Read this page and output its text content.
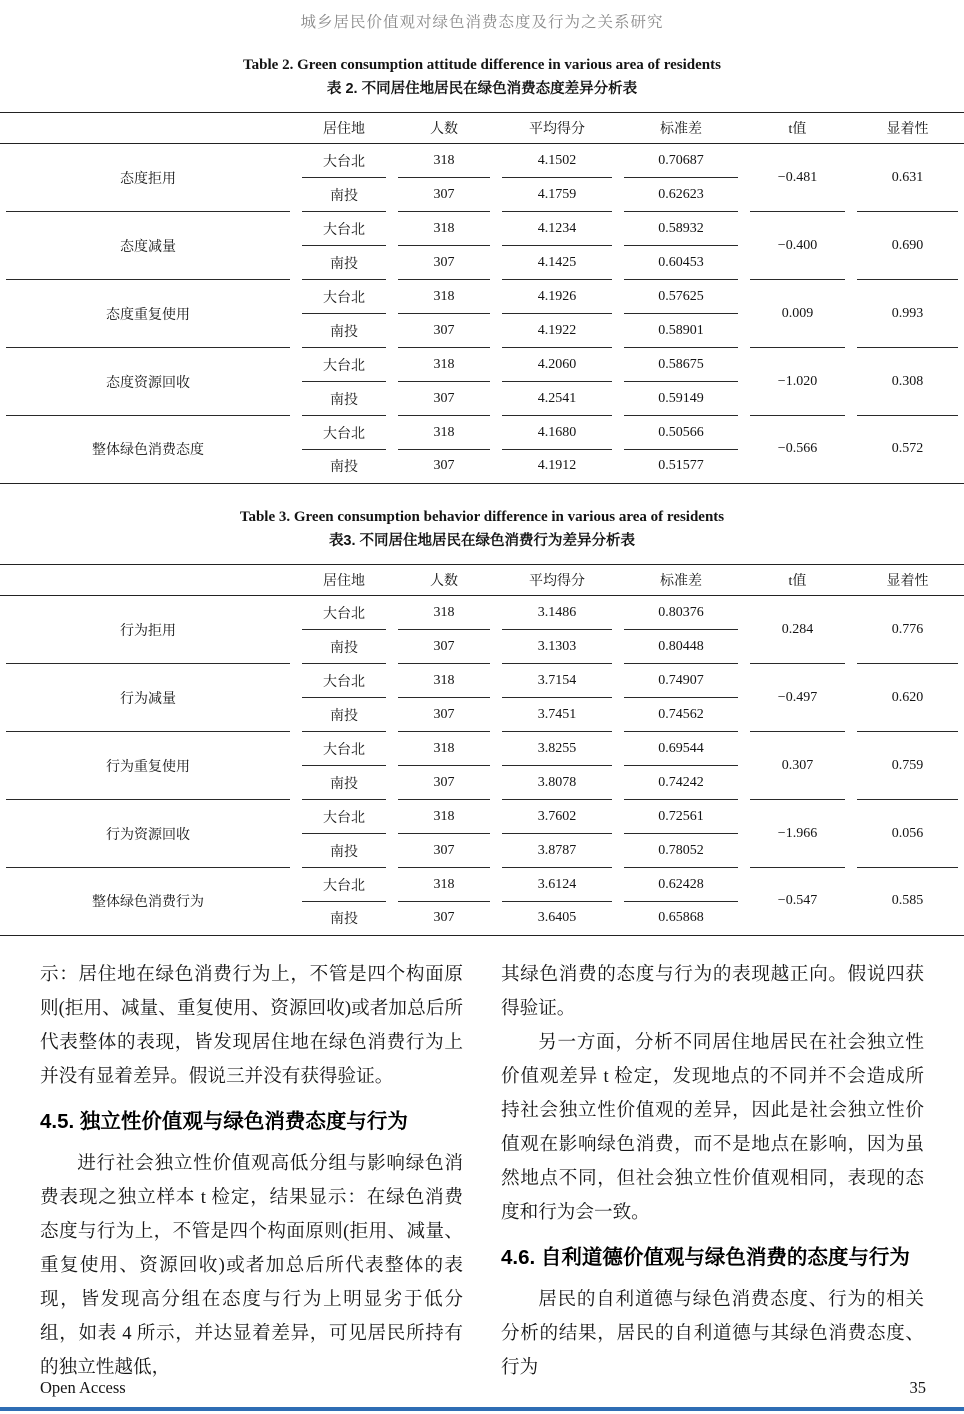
城乡居民价值观对绿色消费态度及行为之关系研究
Table 2. Green consumption attitude difference in various area of residents
表 2. 不同居住地居民在绿色消费态度差异分析表
	居住地	人数	平均得分	标准差	t值	显着性
态度拒用	大台北	318	4.1502	0.70687	−0.481	0.631
	南投	307	4.1759	0.62623		
态度减量	大台北	318	4.1234	0.58932	−0.400	0.690
	南投	307	4.1425	0.60453		
态度重复使用	大台北	318	4.1926	0.57625	0.009	0.993
	南投	307	4.1922	0.58901		
态度资源回收	大台北	318	4.2060	0.58675	−1.020	0.308
	南投	307	4.2541	0.59149		
整体绿色消费态度	大台北	318	4.1680	0.50566	−0.566	0.572
	南投	307	4.1912	0.51577		
Table 3. Green consumption behavior difference in various area of residents
表3. 不同居住地居民在绿色消费行为差异分析表
	居住地	人数	平均得分	标准差	t值	显着性
行为拒用	大台北	318	3.1486	0.80376	0.284	0.776
	南投	307	3.1303	0.80448		
行为减量	大台北	318	3.7154	0.74907	−0.497	0.620
	南投	307	3.7451	0.74562		
行为重复使用	大台北	318	3.8255	0.69544	0.307	0.759
	南投	307	3.8078	0.74242		
行为资源回收	大台北	318	3.7602	0.72561	−1.966	0.056
	南投	307	3.8787	0.78052		
整体绿色消费行为	大台北	318	3.6124	0.62428	−0.547	0.585
	南投	307	3.6405	0.65868		

示：居住地在绿色消费行为上，不管是四个构面原则(拒用、减量、重复使用、资源回收)或者加总后所代表整体的表现，皆发现居住地在绿色消费行为上并没有显着差异。假说三并没有获得验证。

4.5. 独立性价值观与绿色消费态度与行为

进行社会独立性价值观高低分组与影响绿色消费表现之独立样本 t 检定，结果显示：在绿色消费态度与行为上，不管是四个构面原则(拒用、减量、重复使用、资源回收)或者加总后所代表整体的表现，皆发现高分组在态度与行为上明显劣于低分组，如表 4 所示，并达显着差异，可见居民所持有的独立性越低，

其绿色消费的态度与行为的表现越正向。假说四获得验证。

另一方面，分析不同居住地居民在社会独立性价值观差异 t 检定，发现地点的不同并不会造成所持社会独立性价值观的差异，因此是社会独立性价值观在影响绿色消费，而不是地点在影响，因为虽然地点不同，但社会独立性价值观相同，表现的态度和行为会一致。

4.6. 自利道德价值观与绿色消费的态度与行为

居民的自利道德与绿色消费态度、行为的相关分析的结果，居民的自利道德与其绿色消费态度、行为

Open Access	35
